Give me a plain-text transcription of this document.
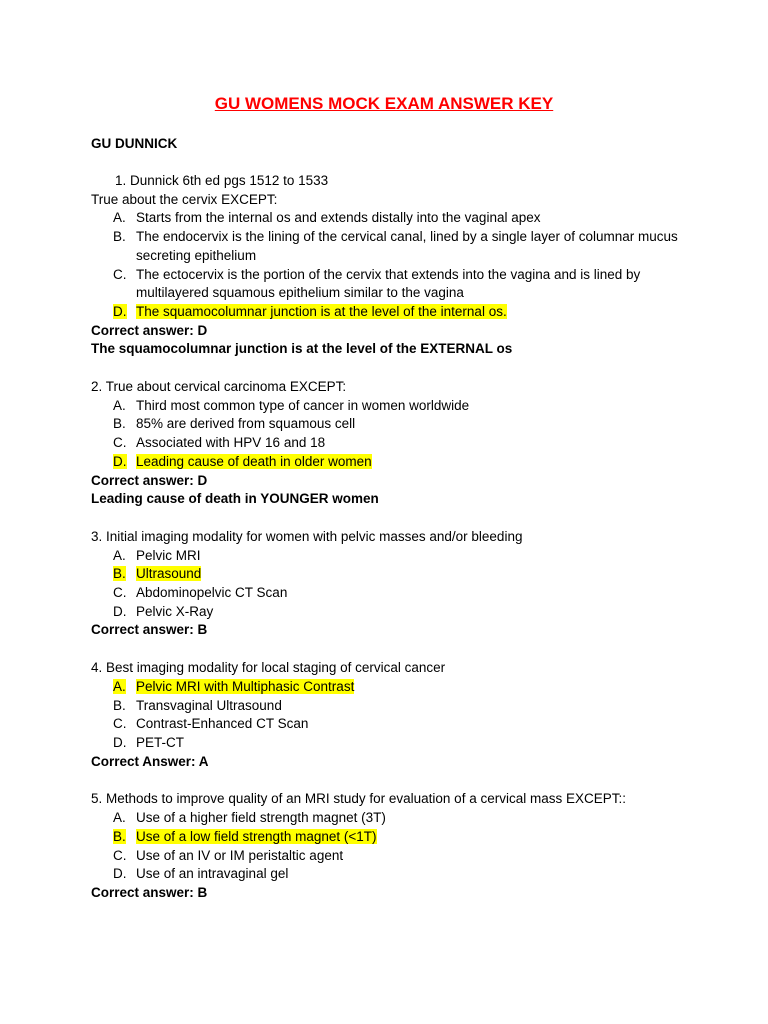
GU WOMENS MOCK EXAM ANSWER KEY
GU DUNNICK
1. Dunnick 6th ed pgs 1512 to 1533
True about the cervix EXCEPT:
A. Starts from the internal os and extends distally into the vaginal apex
B. The endocervix is the lining of the cervical canal, lined by a single layer of columnar mucus secreting epithelium
C. The ectocervix is the portion of the cervix that extends into the vagina and is lined by multilayered squamous epithelium similar to the vagina
D. The squamocolumnar junction is at the level of the internal os.
Correct answer: D
The squamocolumnar junction is at the level of the EXTERNAL os
2. True about cervical carcinoma EXCEPT:
A. Third most common type of cancer in women worldwide
B. 85% are derived from squamous cell
C. Associated with HPV 16 and 18
D. Leading cause of death in older women
Correct answer: D
Leading cause of death in YOUNGER women
3. Initial imaging modality for women with pelvic masses and/or bleeding
A. Pelvic MRI
B. Ultrasound
C. Abdominopelvic CT Scan
D. Pelvic X-Ray
Correct answer: B
4. Best imaging modality for local staging of cervical cancer
A. Pelvic MRI with Multiphasic Contrast
B. Transvaginal Ultrasound
C. Contrast-Enhanced CT Scan
D. PET-CT
Correct Answer: A
5. Methods to improve quality of an MRI study for evaluation of a cervical mass EXCEPT::
A. Use of a higher field strength magnet (3T)
B. Use of a low field strength magnet (<1T)
C. Use of an IV or IM peristaltic agent
D. Use of an intravaginal gel
Correct answer: B
